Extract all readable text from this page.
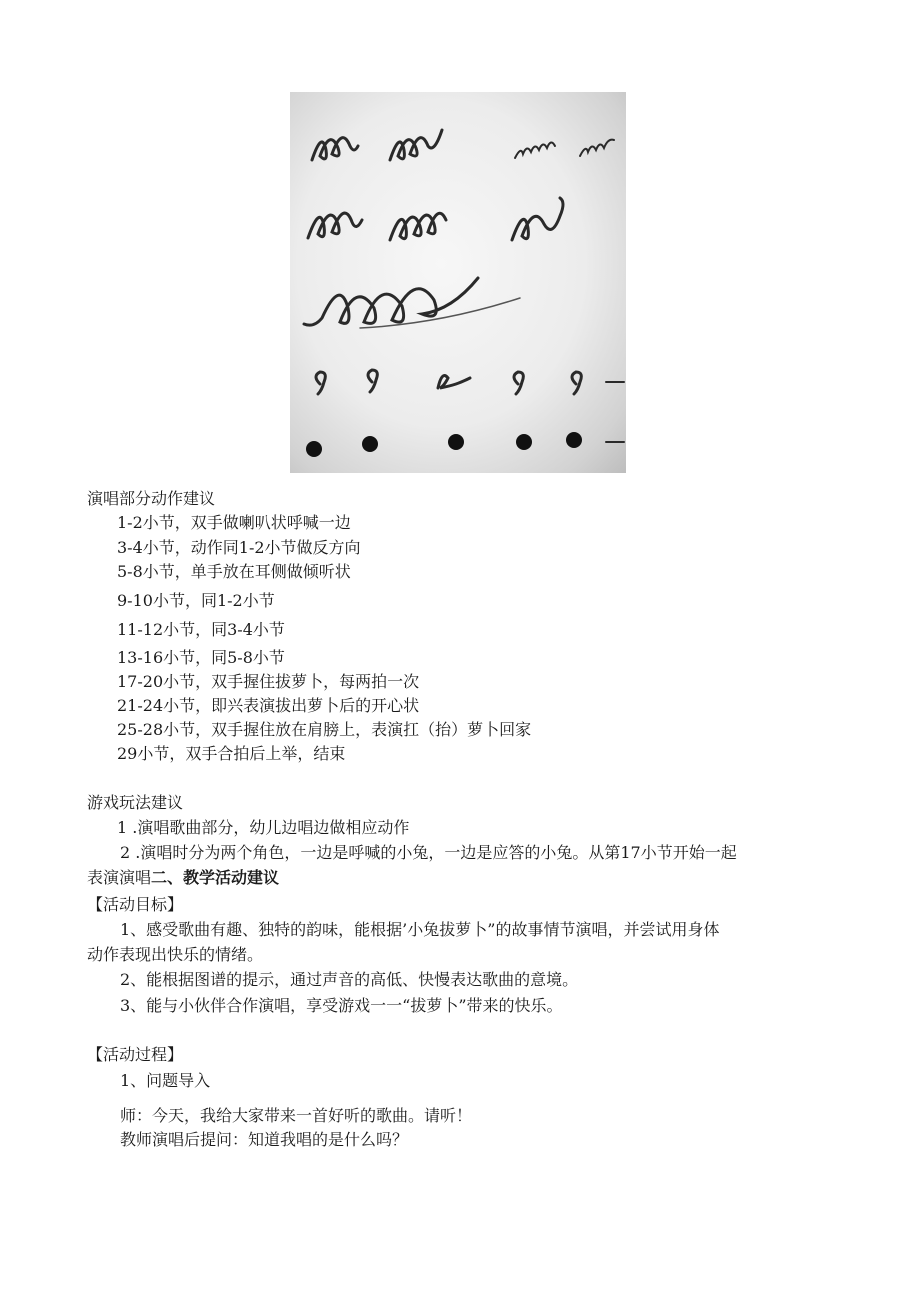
演唱部分动作建议
1-2小节，双手做喇叭状呼喊一边
3-4小节，动作同1-2小节做反方向
5-8小节，单手放在耳侧做倾听状
9-10小节，同1-2小节
11-12小节，同3-4小节
13-16小节，同5-8小节
17-20小节，双手握住拔萝卜，每两拍一次
21-24小节，即兴表演拔出萝卜后的开心状
25-28小节，双手握住放在肩膀上，表演扛（抬）萝卜回家
29小节，双手合拍后上举，结束
游戏玩法建议
1 .演唱歌曲部分，幼儿边唱边做相应动作
2 .演唱时分为两个角色，一边是呼喊的小兔，一边是应答的小兔。从第17小节开始一起
表演演唱二、教学活动建议
【活动目标】
1、感受歌曲有趣、独特的韵味，能根据’小兔拔萝卜”的故事情节演唱，并尝试用身体
动作表现出快乐的情绪。
2、能根据图谱的提示，通过声音的高低、快慢表达歌曲的意境。
3、能与小伙伴合作演唱，享受游戏一一“拔萝卜”带来的快乐。
【活动过程】
1、问题导入
师：今天，我给大家带来一首好听的歌曲。请听！
教师演唱后提问：知道我唱的是什么吗？
